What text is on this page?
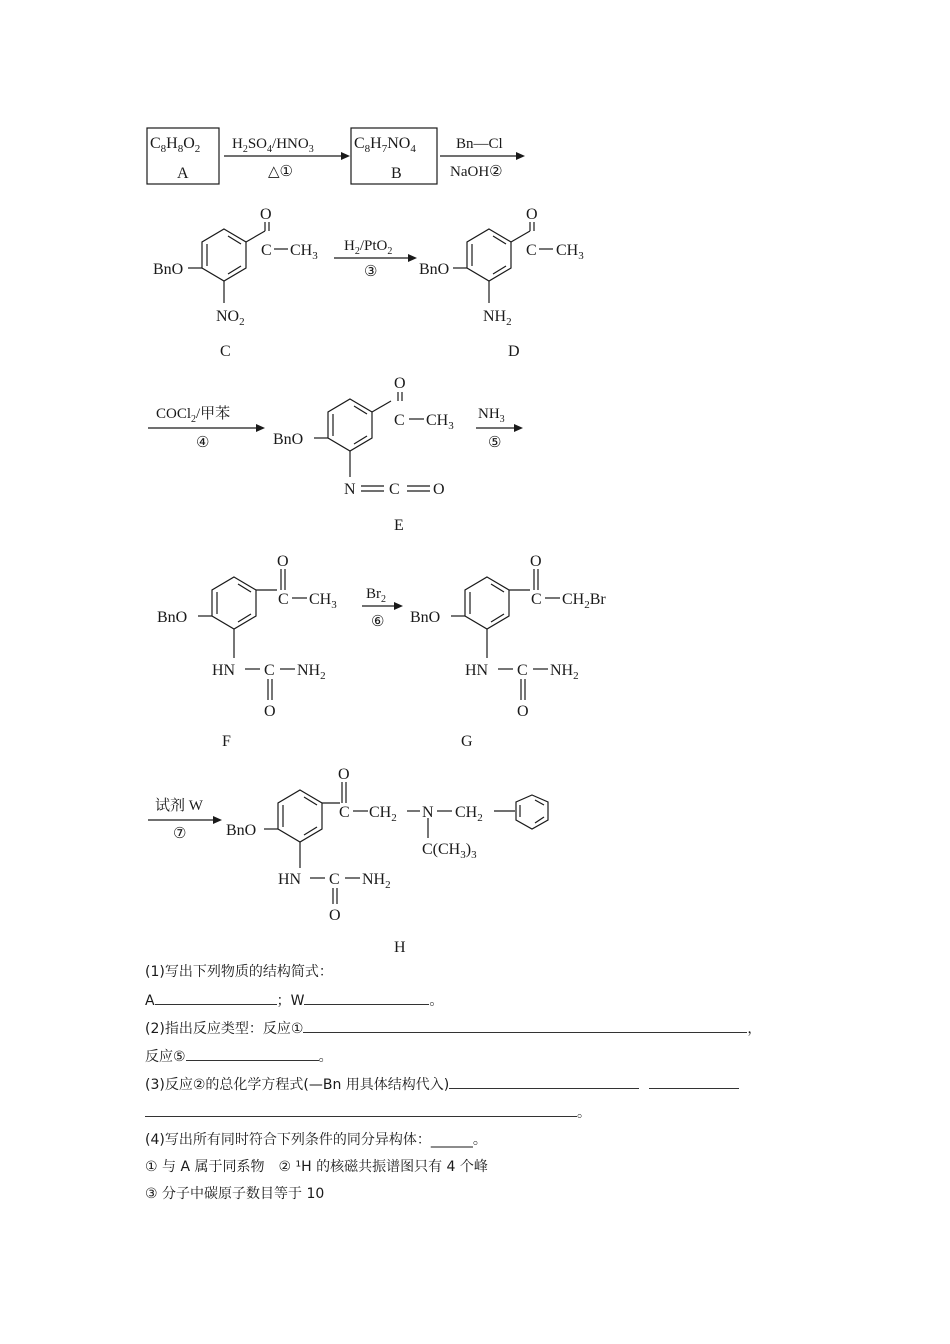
$C_8H_8O_2$
A
$H_2SO_4/HNO_3$
△①
$C_8H_7NO_4$
B
Bn—Cl
NaOH②
O
C $CH_3$
BnO
$NO_2$
C
$H_2/PtO_2$
③
O
C $CH_3$
BnO
$NH_2$
D
COCl$_2$/甲苯
④
O
C $CH_3$
BnO
N C O
E
$NH_3$
⑤
O
C $CH_3$
BnO
HN C $NH_2$
O
F
$Br_2$
⑥
O
C $CH_2Br$
BnO
HN C $NH_2$
O
G
试剂 W
⑦
O
C $CH_2$ N $CH_2$
$C(CH_3)_3$
BnO
HN C $NH_2$
O
H
(1)写出下列物质的结构简式：
A	；W	。
(2)指出反应类型：反应①	，
反应⑤	。
(3)反应②的总化学方程式(—Bn 用具体结构代入)
。
(4)写出所有同时符合下列条件的同分异构体：______。
① 与 A 属于同系物　② ¹H 的核磁共振谱图只有 4 个峰
③ 分子中碳原子数目等于 10
